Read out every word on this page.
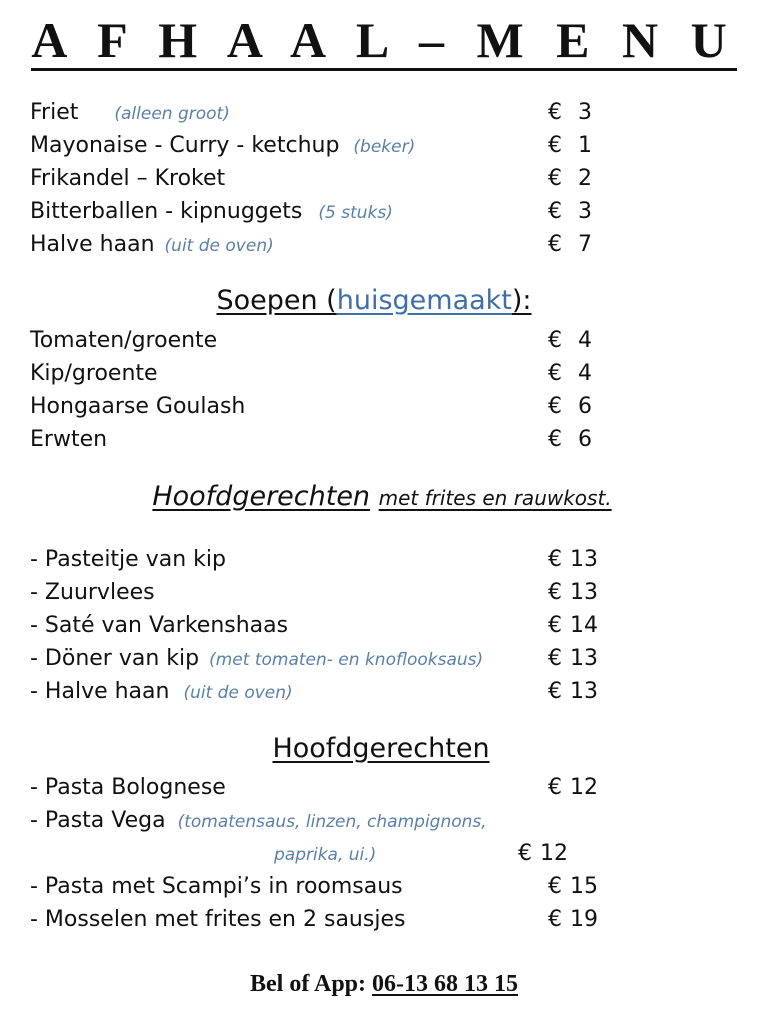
A F H A A L – M E N U
Friet (alleen groot)	€ 3
Mayonaise - Curry - ketchup (beker)	€ 1
Frikandel – Kroket	€ 2
Bitterballen - kipnuggets (5 stuks)	€ 3
Halve haan (uit de oven)	€ 7
Soepen (huisgemaakt):
Tomaten/groente	€ 4
Kip/groente	€ 4
Hongaarse Goulash	€ 6
Erwten	€ 6
Hoofdgerechten met frites en rauwkost.
- Pasteitje van kip	€ 13
- Zuurvlees	€ 13
- Saté van Varkenshaas	€ 14
- Döner van kip (met tomaten- en knoflooksaus)	€ 13
- Halve haan (uit de oven)	€ 13
Hoofdgerechten
- Pasta Bolognese	€ 12
- Pasta Vega (tomatensaus, linzen, champignons,
paprika, ui.)	€ 12
- Pasta met Scampi’s in roomsaus	€ 15
- Mosselen met frites en 2 sausjes	€ 19
Bel of App: 06-13 68 13 15
